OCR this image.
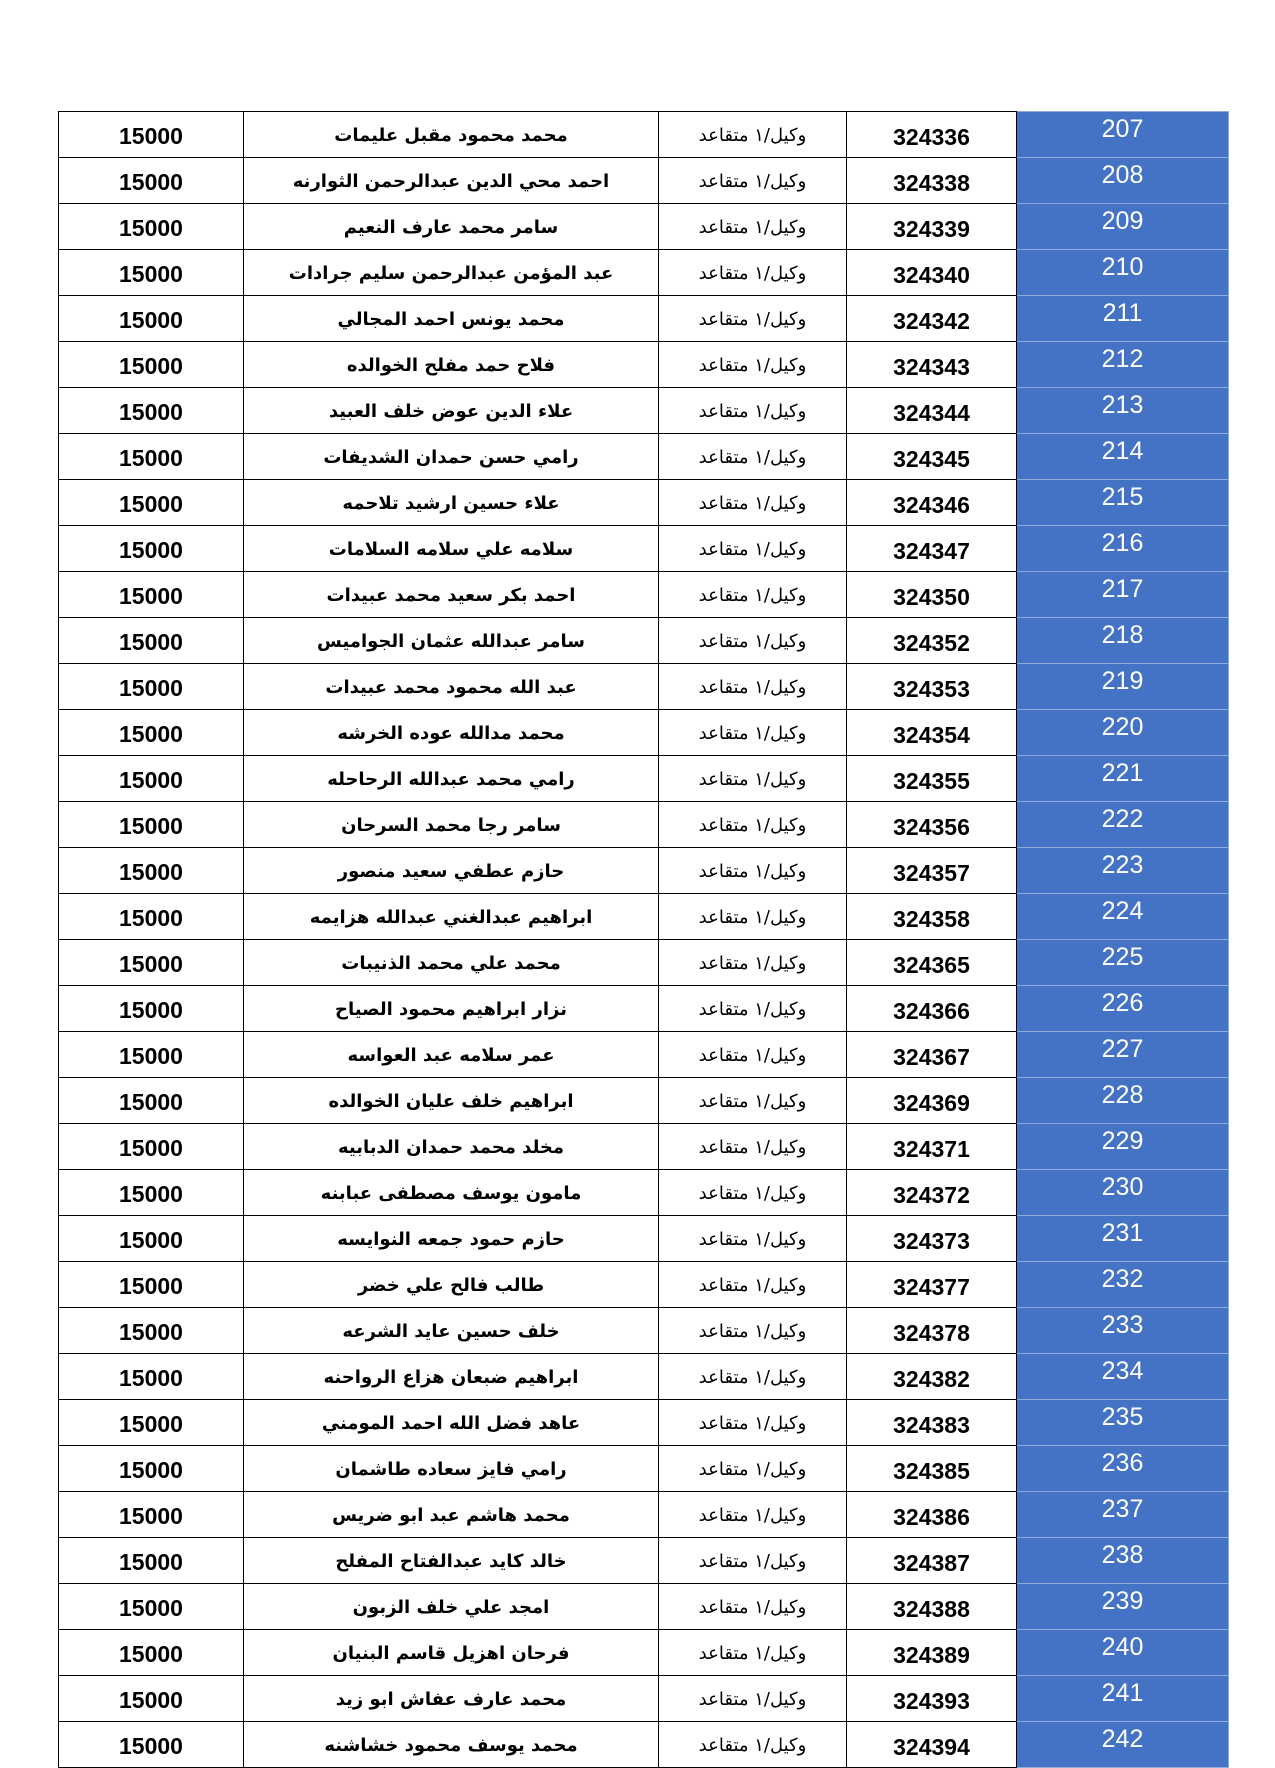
15000	محمد محمود مقبل عليمات	وكيل/١ متقاعد	324336	207
15000	احمد محي الدين عبدالرحمن الثوارنه	وكيل/١ متقاعد	324338	208
15000	سامر محمد عارف النعيم	وكيل/١ متقاعد	324339	209
15000	عبد المؤمن عبدالرحمن سليم جرادات	وكيل/١ متقاعد	324340	210
15000	محمد يونس احمد المجالي	وكيل/١ متقاعد	324342	211
15000	فلاح حمد مفلح الخوالده	وكيل/١ متقاعد	324343	212
15000	علاء الدين عوض خلف العبيد	وكيل/١ متقاعد	324344	213
15000	رامي حسن حمدان الشديفات	وكيل/١ متقاعد	324345	214
15000	علاء حسين ارشيد تلاحمه	وكيل/١ متقاعد	324346	215
15000	سلامه علي سلامه السلامات	وكيل/١ متقاعد	324347	216
15000	احمد بكر سعيد محمد عبيدات	وكيل/١ متقاعد	324350	217
15000	سامر عبدالله عثمان الجواميس	وكيل/١ متقاعد	324352	218
15000	عبد الله محمود محمد عبيدات	وكيل/١ متقاعد	324353	219
15000	محمد مدالله عوده الخرشه	وكيل/١ متقاعد	324354	220
15000	رامي محمد عبدالله الرحاحله	وكيل/١ متقاعد	324355	221
15000	سامر رجا محمد السرحان	وكيل/١ متقاعد	324356	222
15000	حازم عطفي سعيد منصور	وكيل/١ متقاعد	324357	223
15000	ابراهيم عبدالغني عبدالله هزايمه	وكيل/١ متقاعد	324358	224
15000	محمد علي محمد الذنيبات	وكيل/١ متقاعد	324365	225
15000	نزار ابراهيم محمود الصياح	وكيل/١ متقاعد	324366	226
15000	عمر سلامه عبد العواسه	وكيل/١ متقاعد	324367	227
15000	ابراهيم خلف عليان الخوالده	وكيل/١ متقاعد	324369	228
15000	مخلد محمد حمدان الدبابيه	وكيل/١ متقاعد	324371	229
15000	مامون يوسف مصطفى عبابنه	وكيل/١ متقاعد	324372	230
15000	حازم حمود جمعه النوايسه	وكيل/١ متقاعد	324373	231
15000	طالب فالح علي خضر	وكيل/١ متقاعد	324377	232
15000	خلف حسين عايد الشرعه	وكيل/١ متقاعد	324378	233
15000	ابراهيم ضبعان هزاع الرواحنه	وكيل/١ متقاعد	324382	234
15000	عاهد فضل الله احمد المومني	وكيل/١ متقاعد	324383	235
15000	رامي فايز سعاده طاشمان	وكيل/١ متقاعد	324385	236
15000	محمد هاشم عبد ابو ضريس	وكيل/١ متقاعد	324386	237
15000	خالد كايد عبدالفتاح المفلح	وكيل/١ متقاعد	324387	238
15000	امجد علي خلف الزبون	وكيل/١ متقاعد	324388	239
15000	فرحان اهزيل قاسم البنيان	وكيل/١ متقاعد	324389	240
15000	محمد عارف عفاش ابو زيد	وكيل/١ متقاعد	324393	241
15000	محمد يوسف محمود خشاشنه	وكيل/١ متقاعد	324394	242
